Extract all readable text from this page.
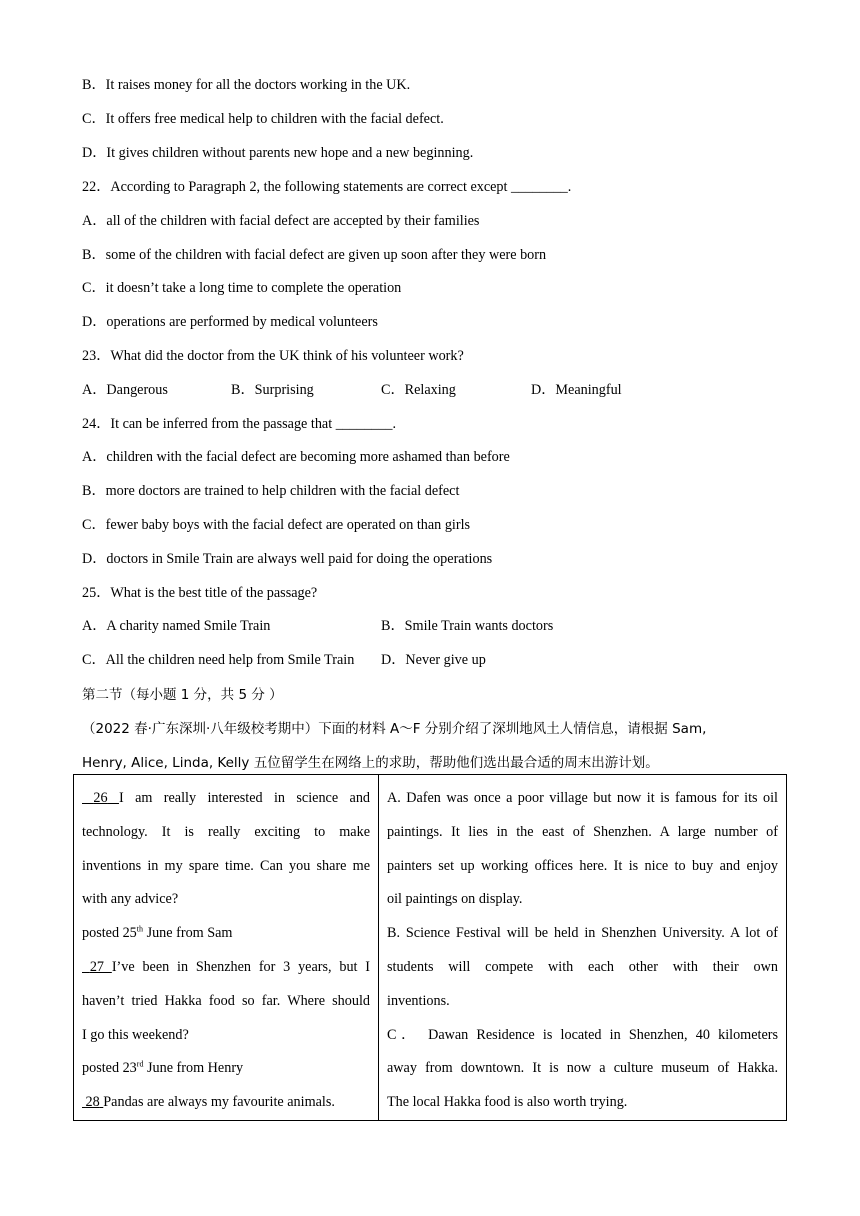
B．It raises money for all the doctors working in the UK.
C．It offers free medical help to children with the facial defect.
D．It gives children without parents new hope and a new beginning.
22．According to Paragraph 2, the following statements are correct except ________.
A．all of the children with facial defect are accepted by their families
B．some of the children with facial defect are given up soon after they were born
C．it doesn’t take a long time to complete the operation
D．operations are performed by medical volunteers
23．What did the doctor from the UK think of his volunteer work?
A．Dangerous	B．Surprising	C．Relaxing	D．Meaningful
24．It can be inferred from the passage that ________.
A．children with the facial defect are becoming more ashamed than before
B．more doctors are trained to help children with the facial defect
C．fewer baby boys with the facial defect are operated on than girls
D．doctors in Smile Train are always well paid for doing the operations
25．What is the best title of the passage?
A．A charity named Smile Train	B．Smile Train wants doctors
C．All the children need help from Smile Train D．Never give up
第二节（每小题 1 分，共 5 分 ）
（2022 春·广东深圳·八年级校考期中）下面的材料 A～F 分别介绍了深圳地风土人情信息，请根据 Sam,
Henry, Alice, Linda, Kelly 五位留学生在网络上的求助，帮助他们选出最合适的周末出游计划。
26 I am really interested in science and
technology. It is really exciting to make
inventions in my spare time. Can you share me
with any advice?
posted 25th June from Sam
27 I’ve been in Shenzhen for 3 years, but I
haven’t tried Hakka food so far. Where should
I go this weekend?
posted 23rd June from Henry
28 Pandas are always my favourite animals.

A. Dafen was once a poor village but now it is famous for its oil
paintings. It lies in the east of Shenzhen. A large number of
painters set up working offices here. It is nice to buy and enjoy
oil paintings on display.
B. Science Festival will be held in Shenzhen University. A lot of
students will compete with each other with their own
inventions.
C． Dawan Residence is located in Shenzhen, 40 kilometers
away from downtown. It is now a culture museum of Hakka.
The local Hakka food is also worth trying.
